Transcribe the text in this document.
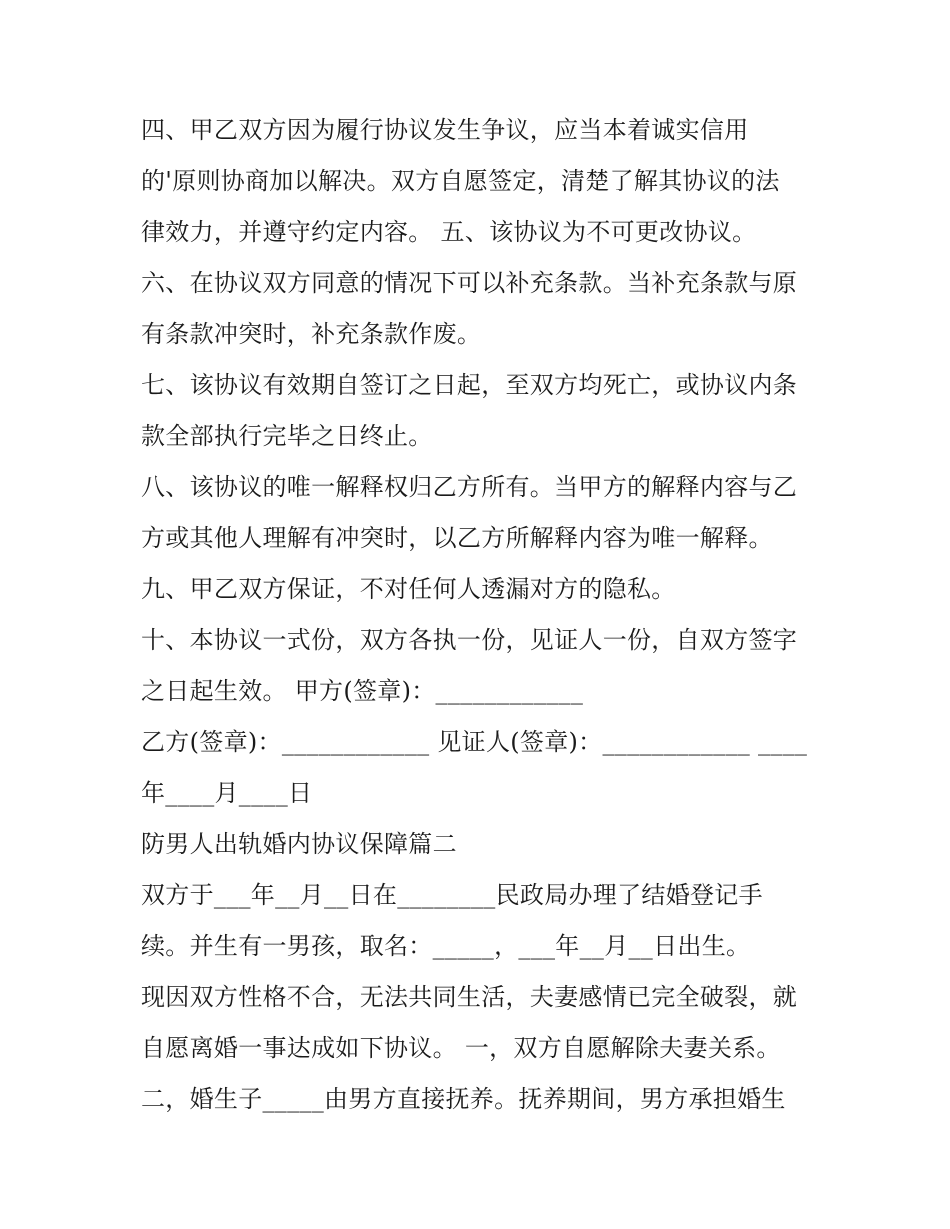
四、甲乙双方因为履行协议发生争议，应当本着诚实信用
的'原则协商加以解决。双方自愿签定，清楚了解其协议的法
律效力，并遵守约定内容。 五、该协议为不可更改协议。
六、在协议双方同意的情况下可以补充条款。当补充条款与原
有条款冲突时，补充条款作废。
七、该协议有效期自签订之日起，至双方均死亡，或协议内条
款全部执行完毕之日终止。
八、该协议的唯一解释权归乙方所有。当甲方的解释内容与乙
方或其他人理解有冲突时，以乙方所解释内容为唯一解释。
九、甲乙双方保证，不对任何人透漏对方的隐私。
十、本协议一式份，双方各执一份，见证人一份，自双方签字
之日起生效。 甲方(签章)：____________
乙方(签章)：____________ 见证人(签章)：____________ ____
年____月____日
防男人出轨婚内协议保障篇二
双方于___年__月__日在________民政局办理了结婚登记手
续。并生有一男孩，取名：_____，___年__月__日出生。
现因双方性格不合，无法共同生活，夫妻感情已完全破裂，就
自愿离婚一事达成如下协议。 一，双方自愿解除夫妻关系。
二，婚生子_____由男方直接抚养。抚养期间，男方承担婚生
